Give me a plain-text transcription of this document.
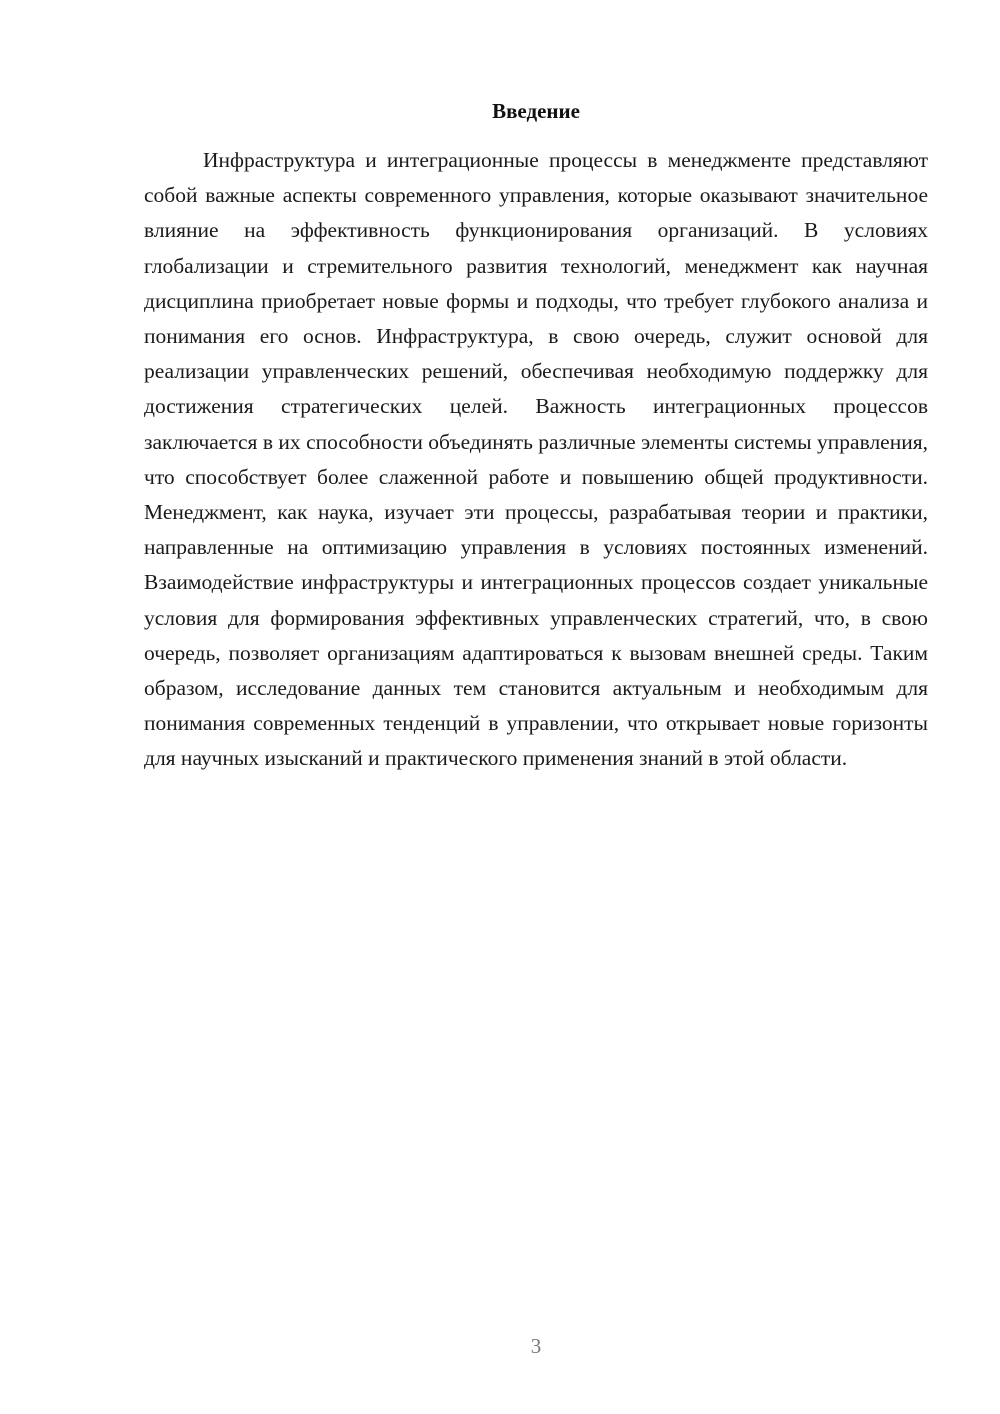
Введение

Инфраструктура и интеграционные процессы в менеджменте представляют собой важные аспекты современного управления, которые оказывают значительное влияние на эффективность функционирования организаций. В условиях глобализации и стремительного развития технологий, менеджмент как научная дисциплина приобретает новые формы и подходы, что требует глубокого анализа и понимания его основ. Инфраструктура, в свою очередь, служит основой для реализации управленческих решений, обеспечивая необходимую поддержку для достижения стратегических целей. Важность интеграционных процессов заключается в их способности объединять различные элементы системы управления, что способствует более слаженной работе и повышению общей продуктивности. Менеджмент, как наука, изучает эти процессы, разрабатывая теории и практики, направленные на оптимизацию управления в условиях постоянных изменений. Взаимодействие инфраструктуры и интеграционных процессов создает уникальные условия для формирования эффективных управленческих стратегий, что, в свою очередь, позволяет организациям адаптироваться к вызовам внешней среды. Таким образом, исследование данных тем становится актуальным и необходимым для понимания современных тенденций в управлении, что открывает новые горизонты для научных изысканий и практического применения знаний в этой области.

3
